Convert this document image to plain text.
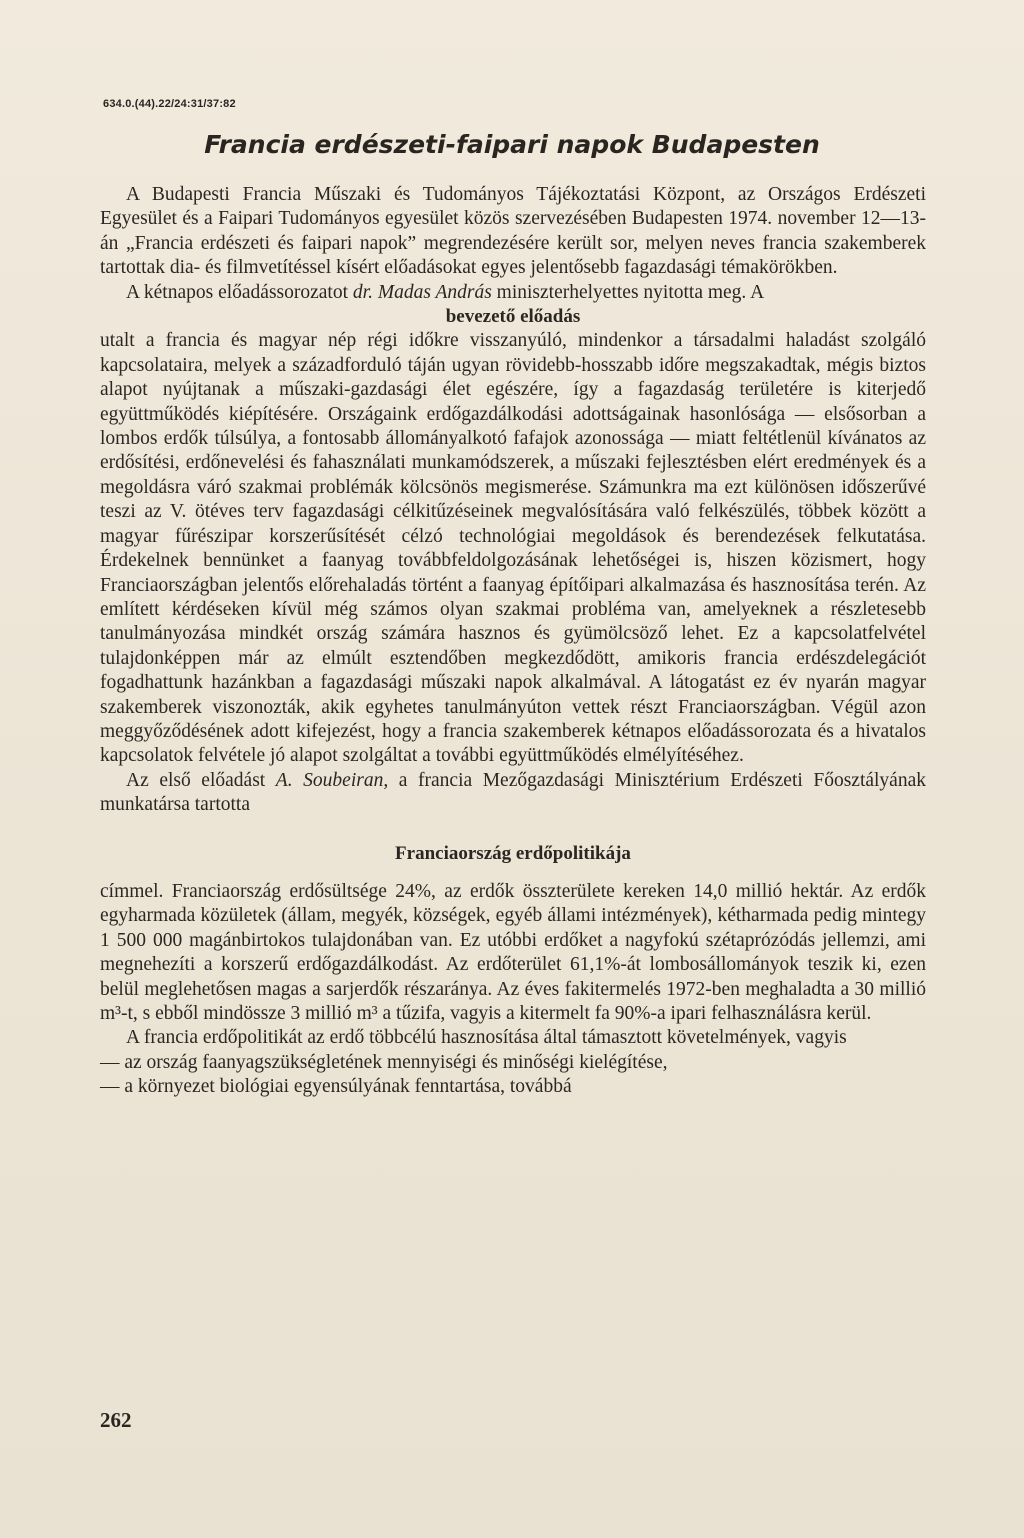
634.0.(44).22/24:31/37:82
Francia erdészeti-faipari napok Budapesten

A Budapesti Francia Műszaki és Tudományos Tájékoztatási Központ, az Országos Erdészeti Egyesület és a Faipari Tudományos egyesület közös szervezésében Budapesten 1974. november 12—13-án „Francia erdészeti és faipari napok” megrendezésére került sor, melyen neves francia szakemberek tartottak dia- és filmvetítéssel kísért előadásokat egyes jelentősebb fagazdasági témakörökben.

A kétnapos előadássorozatot dr. Madas András miniszterhelyettes nyitotta meg. A

bevezető előadás

utalt a francia és magyar nép régi időkre visszanyúló, mindenkor a társadalmi haladást szolgáló kapcsolataira, melyek a századforduló táján ugyan rövidebb-hosszabb időre megszakadtak, mégis biztos alapot nyújtanak a műszaki-gazdasági élet egészére, így a fagazdaság területére is kiterjedő együttműködés kiépítésére. Országaink erdőgazdálkodási adottságainak hasonlósága — elsősorban a lombos erdők túlsúlya, a fontosabb állományalkotó fafajok azonossága — miatt feltétlenül kívánatos az erdősítési, erdőnevelési és fahasználati munkamódszerek, a műszaki fejlesztésben elért eredmények és a megoldásra váró szakmai problémák kölcsönös megismerése. Számunkra ma ezt különösen időszerűvé teszi az V. ötéves terv fagazdasági célkitűzéseinek megvalósítására való felkészülés, többek között a magyar fűrészipar korszerűsítését célzó technológiai megoldások és berendezések felkutatása. Érdekelnek bennünket a faanyag továbbfeldolgozásának lehetőségei is, hiszen közismert, hogy Franciaországban jelentős előrehaladás történt a faanyag építőipari alkalmazása és hasznosítása terén. Az említett kérdéseken kívül még számos olyan szakmai probléma van, amelyeknek a részletesebb tanulmányozása mindkét ország számára hasznos és gyümölcsöző lehet. Ez a kapcsolatfelvétel tulajdonképpen már az elmúlt esztendőben megkezdődött, amikoris francia erdészdelegációt fogadhattunk hazánkban a fagazdasági műszaki napok alkalmával. A látogatást ez év nyarán magyar szakemberek viszonozták, akik egyhetes tanulmányúton vettek részt Franciaországban. Végül azon meggyőződésének adott kifejezést, hogy a francia szakemberek kétnapos előadássorozata és a hivatalos kapcsolatok felvétele jó alapot szolgáltat a további együttműködés elmélyítéséhez.

Az első előadást A. Soubeiran, a francia Mezőgazdasági Minisztérium Erdészeti Főosztályának munkatársa tartotta

Franciaország erdőpolitikája

címmel. Franciaország erdősültsége 24%, az erdők összterülete kereken 14,0 millió hektár. Az erdők egyharmada közületek (állam, megyék, községek, egyéb állami intézmények), kétharmada pedig mintegy 1 500 000 magánbirtokos tulajdonában van. Ez utóbbi erdőket a nagyfokú szétaprózódás jellemzi, ami megnehezíti a korszerű erdőgazdálkodást. Az erdőterület 61,1%-át lombosállományok teszik ki, ezen belül meglehetősen magas a sarjerdők részaránya. Az éves fakitermelés 1972-ben meghaladta a 30 millió m³-t, s ebből mindössze 3 millió m³ a tűzifa, vagyis a kitermelt fa 90%-a ipari felhasználásra kerül.

A francia erdőpolitikát az erdő többcélú hasznosítása által támasztott követelmények, vagyis

— az ország faanyagszükségletének mennyiségi és minőségi kielégítése,

— a környezet biológiai egyensúlyának fenntartása, továbbá

262
